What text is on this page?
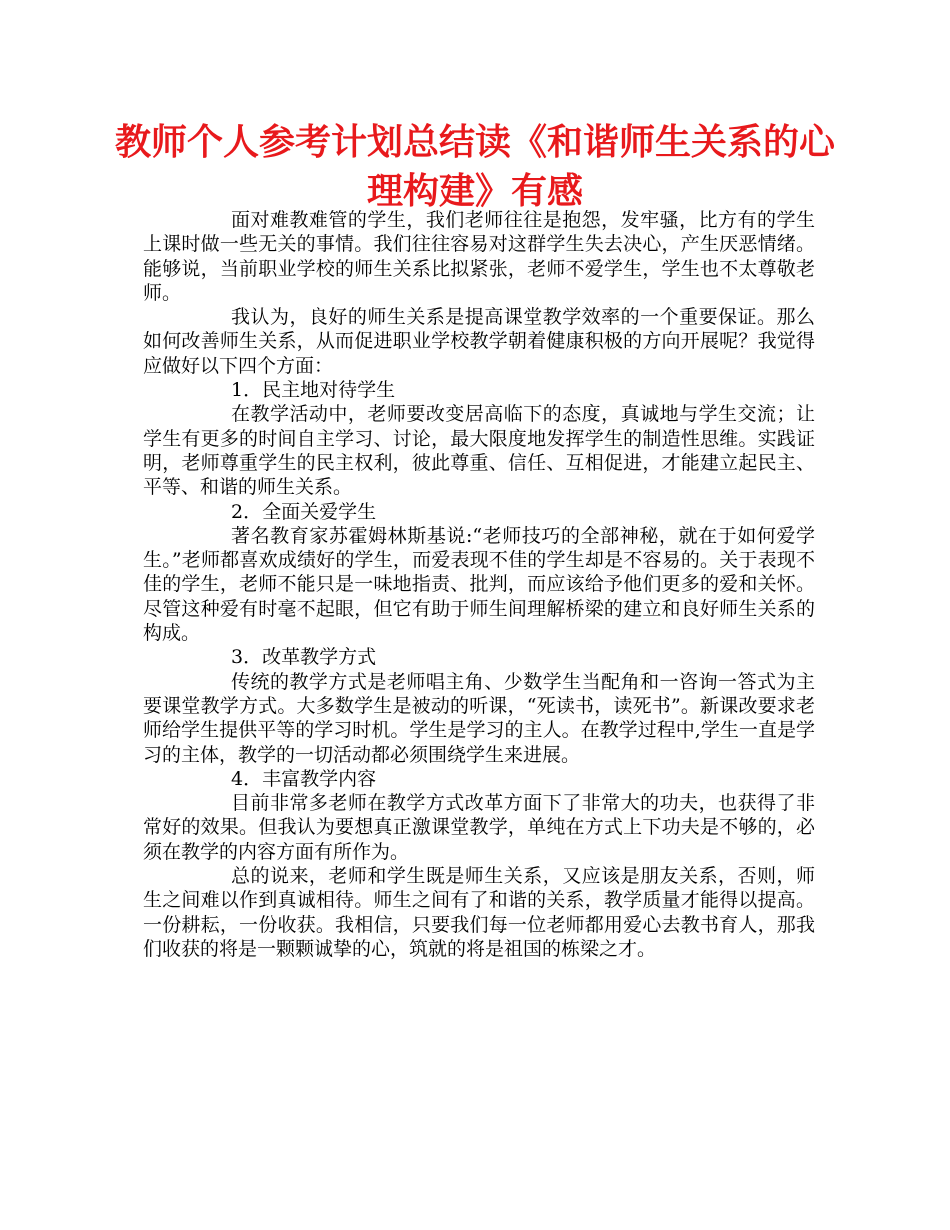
教师个人参考计划总结读《和谐师生关系的心理构建》有感

面对难教难管的学生，我们老师往往是抱怨，发牢骚，比方有的学生上课时做一些无关的事情。我们往往容易对这群学生失去决心，产生厌恶情绪。能够说，当前职业学校的师生关系比拟紧张，老师不爱学生，学生也不太尊敬老师。

我认为，良好的师生关系是提高课堂教学效率的一个重要保证。那么如何改善师生关系，从而促进职业学校教学朝着健康积极的方向开展呢？我觉得应做好以下四个方面：

1．民主地对待学生

在教学活动中，老师要改变居高临下的态度，真诚地与学生交流；让学生有更多的时间自主学习、讨论，最大限度地发挥学生的制造性思维。实践证明，老师尊重学生的民主权利，彼此尊重、信任、互相促进，才能建立起民主、平等、和谐的师生关系。

2．全面关爱学生

著名教育家苏霍姆林斯基说:“老师技巧的全部神秘，就在于如何爱学生。”老师都喜欢成绩好的学生，而爱表现不佳的学生却是不容易的。关于表现不佳的学生，老师不能只是一味地指责、批判，而应该给予他们更多的爱和关怀。尽管这种爱有时毫不起眼，但它有助于师生间理解桥梁的建立和良好师生关系的构成。

3．改革教学方式

传统的教学方式是老师唱主角、少数学生当配角和一咨询一答式为主要课堂教学方式。大多数学生是被动的听课，“死读书，读死书”。新课改要求老师给学生提供平等的学习时机。学生是学习的主人。在教学过程中,学生一直是学习的主体，教学的一切活动都必须围绕学生来进展。

4．丰富教学内容

目前非常多老师在教学方式改革方面下了非常大的功夫，也获得了非常好的效果。但我认为要想真正激课堂教学，单纯在方式上下功夫是不够的，必须在教学的内容方面有所作为。

总的说来，老师和学生既是师生关系，又应该是朋友关系，否则，师生之间难以作到真诚相待。师生之间有了和谐的关系，教学质量才能得以提高。一份耕耘，一份收获。我相信，只要我们每一位老师都用爱心去教书育人，那我们收获的将是一颗颗诚挚的心，筑就的将是祖国的栋梁之才。
